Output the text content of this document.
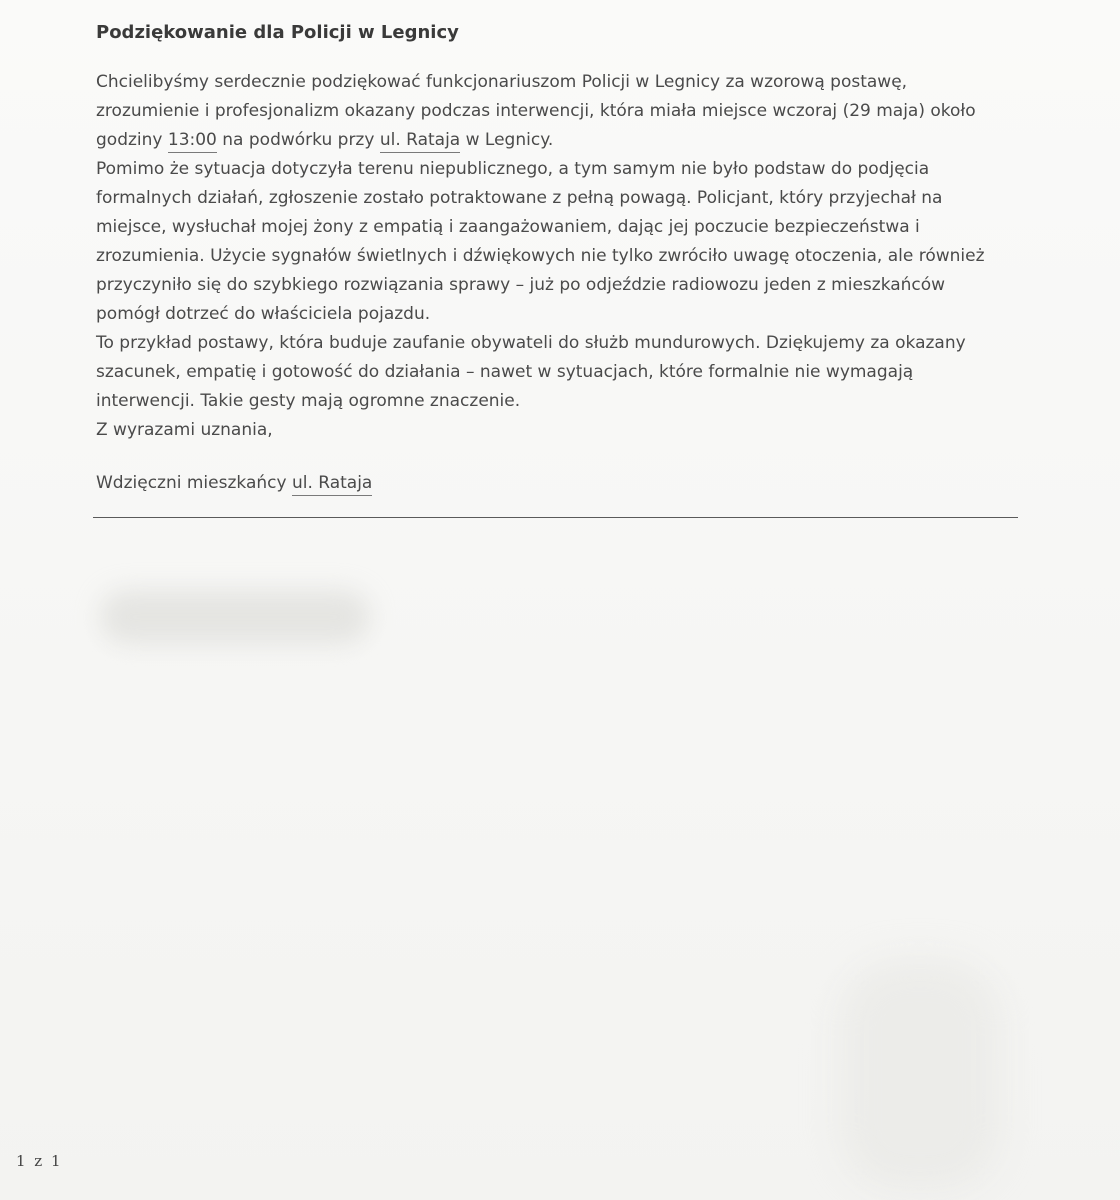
Podziękowanie dla Policji w Legnicy
Chcielibyśmy serdecznie podziękować funkcjonariuszom Policji w Legnicy za wzorową postawę,
zrozumienie i profesjonalizm okazany podczas interwencji, która miała miejsce wczoraj (29 maja) około
godziny 13:00 na podwórku przy ul. Rataja w Legnicy.
Pomimo że sytuacja dotyczyła terenu niepublicznego, a tym samym nie było podstaw do podjęcia
formalnych działań, zgłoszenie zostało potraktowane z pełną powagą. Policjant, który przyjechał na
miejsce, wysłuchał mojej żony z empatią i zaangażowaniem, dając jej poczucie bezpieczeństwa i
zrozumienia. Użycie sygnałów świetlnych i dźwiękowych nie tylko zwróciło uwagę otoczenia, ale również
przyczyniło się do szybkiego rozwiązania sprawy – już po odjeździe radiowozu jeden z mieszkańców
pomógł dotrzeć do właściciela pojazdu.
To przykład postawy, która buduje zaufanie obywateli do służb mundurowych. Dziękujemy za okazany
szacunek, empatię i gotowość do działania – nawet w sytuacjach, które formalnie nie wymagają
interwencji. Takie gesty mają ogromne znaczenie.
Z wyrazami uznania,
Wdzięczni mieszkańcy ul. Rataja
1 z 1
